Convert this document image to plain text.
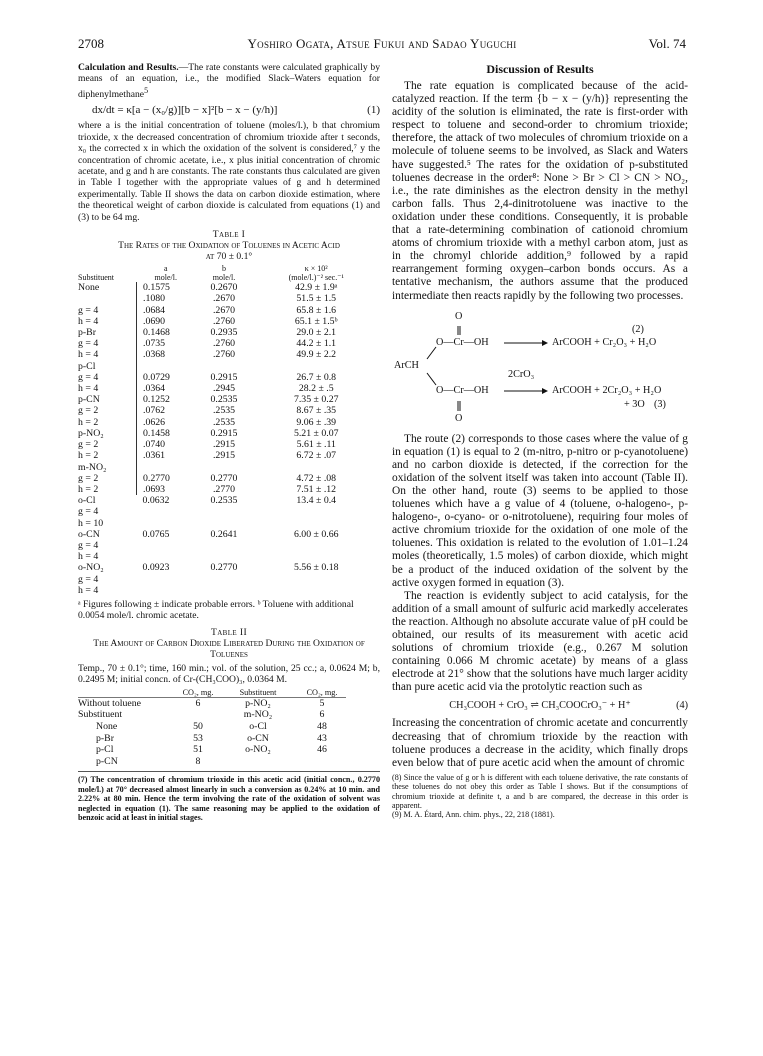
2708	Yoshiro Ogata, Atsue Fukui and Sadao Yuguchi	Vol. 74

Calculation and Results.—The rate constants were calculated graphically by means of an equation, i.e., the modified Slack–Waters equation for diphenylmethane$^5$

dx/dt = κ[a − (x₀/g)][b − x]²[b − x − (y/h)]	(1)

where a is the initial concentration of toluene (moles/l.), b that chromium trioxide, x the decreased concentration of chromium trioxide after t seconds, x₀ the corrected x in which the oxidation of the solvent is considered,⁷ y the concentration of chromic acetate, i.e., x plus initial concentration of chromic acetate, and g and h are constants. The rate constants thus calculated are given in Table I together with the appropriate values of g and h determined experimentally. Table II shows the data on carbon dioxide estimation, where the theoretical weight of carbon dioxide is calculated from equations (1) and (3) to be 64 mg.

Table I
The Rates of the Oxidation of Toluenes in Acetic Acid
at 70 ± 0.1°
	a	b	κ × 10²
Substituent	mole/l.	mole/l.	(mole/l.)⁻² sec.⁻¹
None	0.1575	0.2670	42.9 ± 1.9ᵃ
	.1080	.2670	51.5 ± 1.5
g = 4	.0684	.2670	65.8 ± 1.6
h = 4	.0690	.2760	65.1 ± 1.5ᵇ
p-Br	0.1468	0.2935	29.0 ± 2.1
g = 4	.0735	.2760	44.2 ± 1.1
h = 4	.0368	.2760	49.9 ± 2.2
p-Cl			
g = 4	0.0729	0.2915	26.7 ± 0.8
h = 4	.0364	.2945	28.2 ± .5
p-CN	0.1252	0.2535	7.35 ± 0.27
g = 2	.0762	.2535	8.67 ± .35
h = 2	.0626	.2535	9.06 ± .39
p-NO₂	0.1458	0.2915	5.21 ± 0.07
g = 2	.0740	.2915	5.61 ± .11
h = 2	.0361	.2915	6.72 ± .07
m-NO₂			
g = 2	0.2770	0.2770	4.72 ± .08
h = 2	.0693	.2770	7.51 ± .12
o-Cl	0.0632	0.2535	13.4 ± 0.4
g = 4			
h = 10			
o-CN	0.0765	0.2641	6.00 ± 0.66
g = 4			
h = 4			
o-NO₂	0.0923	0.2770	5.56 ± 0.18
g = 4			
h = 4			

ᵃ Figures following ± indicate probable errors. ᵇ Toluene with additional 0.0054 mole/l. chromic acetate.

Table II
The Amount of Carbon Dioxide Liberated During the Oxidation of Toluenes

Temp., 70 ± 0.1°; time, 160 min.; vol. of the solution, 25 cc.; a, 0.0624 M; b, 0.2495 M; initial concn. of Cr-(CH₃COO)₃, 0.0364 M.

	CO₂, mg.	Substituent	CO₂, mg.
Without toluene	6	p-NO₂	5
Substituent		m-NO₂	6
None	50	o-Cl	48
p-Br	53	o-CN	43
p-Cl	51	o-NO₂	46
p-CN	8		

(7) The concentration of chromium trioxide in this acetic acid (initial concn., 0.2770 mole/l.) at 70° decreased almost linearly in such a conversion as 0.24% at 10 min. and 2.22% at 80 min. Hence the term involving the rate of the oxidation of solvent was neglected in equation (1). The same reasoning may be applied to the oxidation of benzoic acid at least in initial stages.

Discussion of Results

The rate equation is complicated because of the acid-catalyzed reaction. If the term {b − x − (y/h)} representing the acidity of the solution is eliminated, the rate is first-order with respect to toluene and second-order to chromium trioxide; therefore, the attack of two molecules of chromium trioxide on a molecule of toluene seems to be involved, as Slack and Waters have suggested.⁵ The rates for the oxidation of p-substituted toluenes decrease in the order⁸: None > Br > Cl > CN > NO₂, i.e., the rate diminishes as the electron density in the methyl carbon falls. Thus 2,4-dinitrotoluene was inactive to the oxidation under these conditions. Consequently, it is probable that a rate-determining combination of cationoid chromium atoms of chromium trioxide with a methyl carbon atom, just as in the chromyl chloride addition,⁹ followed by a rapid rearrangement forming oxygen–carbon bonds occurs. As a tentative mechanism, the authors assume that the produced intermediate then reacts rapidly by the following two processes.

O
(2)
O—Cr—OH	ArCOOH + Cr₂O₃ + H₂O
ArCH
2CrO₃
O—Cr—OH	ArCOOH + 2Cr₂O₃ + H₂O
+ 3O (3)
O

The route (2) corresponds to those cases where the value of g in equation (1) is equal to 2 (m-nitro, p-nitro or p-cyanotoluene) and no carbon dioxide is detected, if the correction for the oxidation of the solvent itself was taken into account (Table II). On the other hand, route (3) seems to be applied to those toluenes which have a g value of 4 (toluene, o-halogeno-, p-halogeno-, o-cyano- or o-nitrotoluene), requiring four moles of active chromium trioxide for the oxidation of one mole of the toluenes. This oxidation is related to the evolution of 1.01–1.24 moles (theoretically, 1.5 moles) of carbon dioxide, which might be a product of the induced oxidation of the solvent by the active oxygen formed in equation (3).

The reaction is evidently subject to acid catalysis, for the addition of a small amount of sulfuric acid markedly accelerates the reaction. Although no absolute accurate value of pH could be obtained, our results of its measurement with acetic acid solutions of chromium trioxide (e.g., 0.267 M solution containing 0.066 M chromic acetate) by means of a glass electrode at 21° show that the solutions have much larger acidity than pure acetic acid via the protolytic reaction such as

CH₃COOH + CrO₃ ⇌ CH₃COOCrO₃⁻ + H⁺	(4)

Increasing the concentration of chromic acetate and concurrently decreasing that of chromium trioxide by the reaction with toluene produces a decrease in the acidity, which finally drops even below that of pure acetic acid when the amount of chromic

(8) Since the value of g or h is different with each toluene derivative, the rate constants of these toluenes do not obey this order as Table I shows. But if the consumptions of chromium trioxide at definite t, a and b are compared, the decrease in this order is apparent.

(9) M. A. Étard, Ann. chim. phys., 22, 218 (1881).
